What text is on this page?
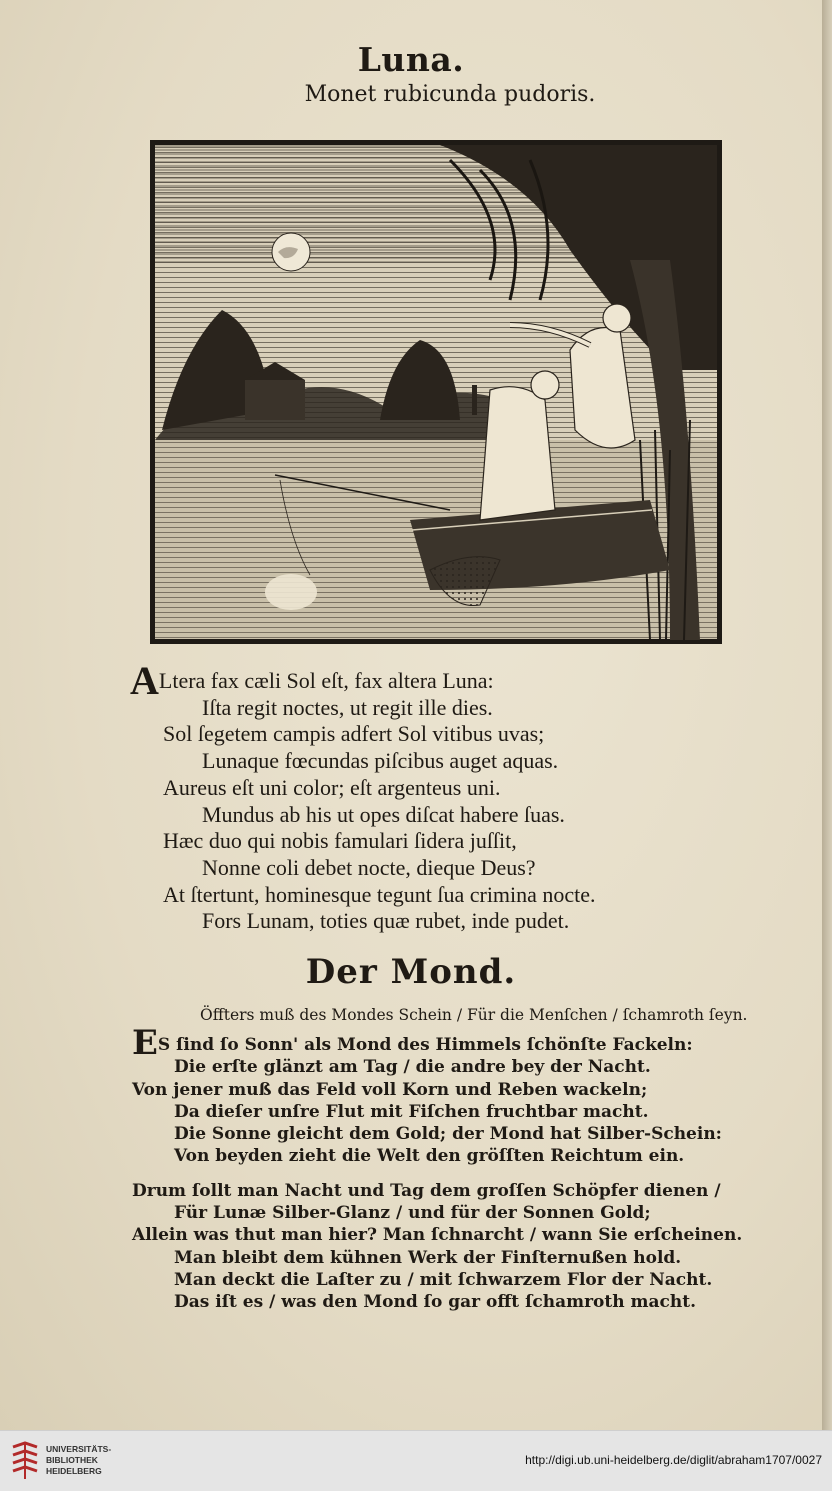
Luna.
Monet rubicunda pudoris.
ALtera fax cæli Sol eſt, fax altera Luna:
Iſta regit noctes, ut regit ille dies.
Sol ſegetem campis adfert Sol vitibus uvas;
Lunaque fœcundas piſcibus auget aquas.
Aureus eſt uni color; eſt argenteus uni.
Mundus ab his ut opes diſcat habere ſuas.
Hæc duo qui nobis famulari ſidera juſſit,
Nonne coli debet nocte, dieque Deus?
At ſtertunt, hominesque tegunt ſua crimina nocte.
Fors Lunam, toties quæ rubet, inde pudet.
Der Mond.
Öffters muß des Mondes Schein / Für die Menſchen / ſchamroth ſeyn.
ES ſind ſo Sonn' als Mond des Himmels ſchönſte Fackeln:
Die erſte glänzt am Tag / die andre bey der Nacht.
Von jener muß das Feld voll Korn und Reben wackeln;
Da dieſer unſre Flut mit Fiſchen fruchtbar macht.
Die Sonne gleicht dem Gold; der Mond hat Silber-Schein:
Von beyden zieht die Welt den gröſſten Reichtum ein.
Drum ſollt man Nacht und Tag dem groſſen Schöpfer dienen /
Für Lunæ Silber-Glanz / und für der Sonnen Gold;
Allein was thut man hier? Man ſchnarcht / wann Sie erſcheinen.
Man bleibt dem kühnen Werk der Finſternußen hold.
Man deckt die Laſter zu / mit ſchwarzem Flor der Nacht.
Das iſt es / was den Mond ſo gar offt ſchamroth macht.
UNIVERSITÄTS-
BIBLIOTHEK
HEIDELBERG
http://digi.ub.uni-heidelberg.de/diglit/abraham1707/0027
